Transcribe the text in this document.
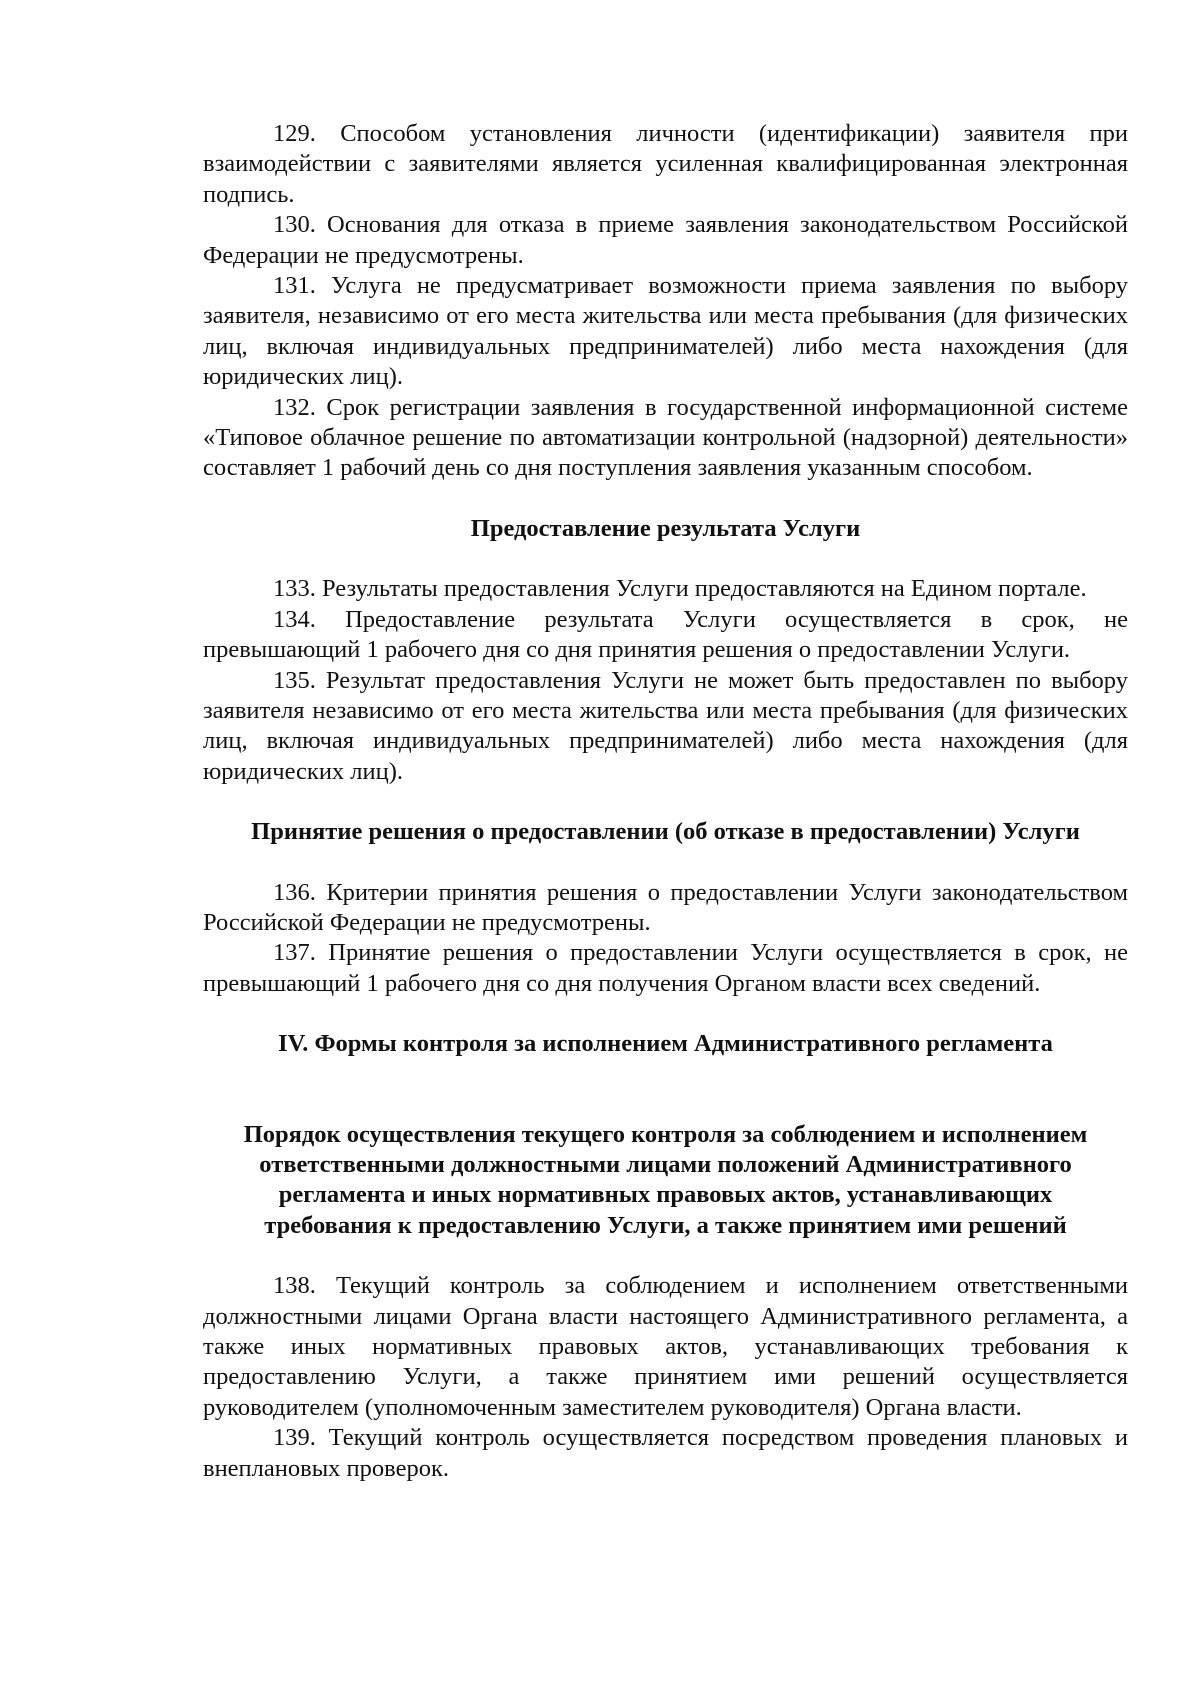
129. Способом установления личности (идентификации) заявителя при взаимодействии с заявителями является усиленная квалифицированная электронная подпись.

130. Основания для отказа в приеме заявления законодательством Российской Федерации не предусмотрены.

131. Услуга не предусматривает возможности приема заявления по выбору заявителя, независимо от его места жительства или места пребывания (для физических лиц, включая индивидуальных предпринимателей) либо места нахождения (для юридических лиц).

132. Срок регистрации заявления в государственной информационной системе «Типовое облачное решение по автоматизации контрольной (надзорной) деятельности» составляет 1 рабочий день со дня поступления заявления указанным способом.

Предоставление результата Услуги

133. Результаты предоставления Услуги предоставляются на Едином портале.

134. Предоставление результата Услуги осуществляется в срок, не превышающий 1 рабочего дня со дня принятия решения о предоставлении Услуги.

135. Результат предоставления Услуги не может быть предоставлен по выбору заявителя независимо от его места жительства или места пребывания (для физических лиц, включая индивидуальных предпринимателей) либо места нахождения (для юридических лиц).

Принятие решения о предоставлении (об отказе в предоставлении) Услуги

136. Критерии принятия решения о предоставлении Услуги законодательством Российской Федерации не предусмотрены.

137. Принятие решения о предоставлении Услуги осуществляется в срок, не превышающий 1 рабочего дня со дня получения Органом власти всех сведений.

IV. Формы контроля за исполнением Административного регламента

Порядок осуществления текущего контроля за соблюдением и исполнением
ответственными должностными лицами положений Административного
регламента и иных нормативных правовых актов, устанавливающих
требования к предоставлению Услуги, а также принятием ими решений

138. Текущий контроль за соблюдением и исполнением ответственными должностными лицами Органа власти настоящего Административного регламента, а также иных нормативных правовых актов, устанавливающих требования к предоставлению Услуги, а также принятием ими решений осуществляется руководителем (уполномоченным заместителем руководителя) Органа власти.

139. Текущий контроль осуществляется посредством проведения плановых и внеплановых проверок.
